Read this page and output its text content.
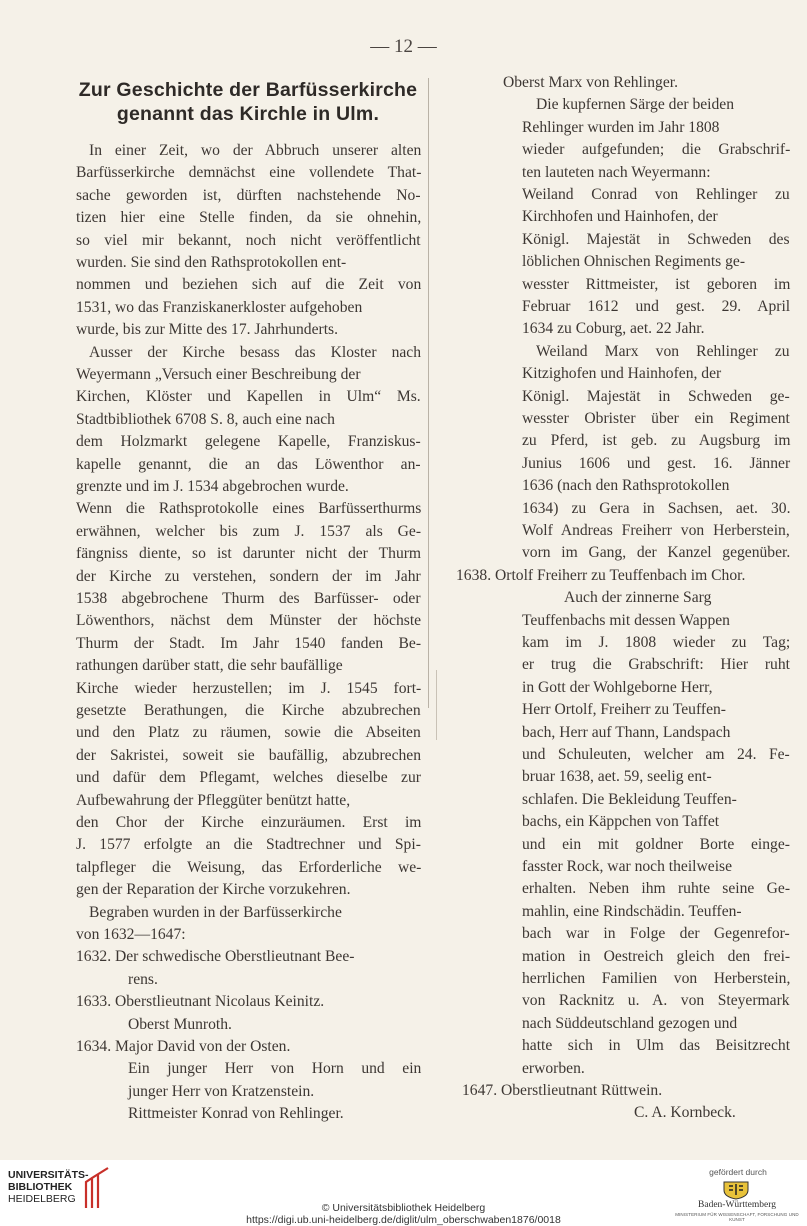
— 12 —
Zur Geschichte der Barfüsserkirche
genannt das Kirchle in Ulm.
In einer Zeit, wo der Abbruch unserer alten
Barfüsserkirche demnächst eine vollendete That-
sache geworden ist, dürften nachstehende No-
tizen hier eine Stelle finden, da sie ohnehin,
so viel mir bekannt, noch nicht veröffentlicht
wurden. Sie sind den Rathsprotokollen ent-
nommen und beziehen sich auf die Zeit von
1531, wo das Franziskanerkloster aufgehoben
wurde, bis zur Mitte des 17. Jahrhunderts.
Ausser der Kirche besass das Kloster nach
Weyermann „Versuch einer Beschreibung der
Kirchen, Klöster und Kapellen in Ulm“ Ms.
Stadtbibliothek 6708 S. 8, auch eine nach
dem Holzmarkt gelegene Kapelle, Franziskus-
kapelle genannt, die an das Löwenthor an-
grenzte und im J. 1534 abgebrochen wurde.
Wenn die Rathsprotokolle eines Barfüsserthurms
erwähnen, welcher bis zum J. 1537 als Ge-
fängniss diente, so ist darunter nicht der Thurm
der Kirche zu verstehen, sondern der im Jahr
1538 abgebrochene Thurm des Barfüsser- oder
Löwenthors, nächst dem Münster der höchste
Thurm der Stadt. Im Jahr 1540 fanden Be-
rathungen darüber statt, die sehr baufällige
Kirche wieder herzustellen; im J. 1545 fort-
gesetzte Berathungen, die Kirche abzubrechen
und den Platz zu räumen, sowie die Abseiten
der Sakristei, soweit sie baufällig, abzubrechen
und dafür dem Pflegamt, welches dieselbe zur
Aufbewahrung der Pfleggüter benützt hatte,
den Chor der Kirche einzuräumen. Erst im
J. 1577 erfolgte an die Stadtrechner und Spi-
talpfleger die Weisung, das Erforderliche we-
gen der Reparation der Kirche vorzukehren.
Begraben wurden in der Barfüsserkirche
von 1632—1647:
1632. Der schwedische Oberstlieutnant Bee-
rens.
1633. Oberstlieutnant Nicolaus Keinitz.
Oberst Munroth.
1634. Major David von der Osten.
Ein junger Herr von Horn und ein
junger Herr von Kratzenstein.
Rittmeister Konrad von Rehlinger.
Oberst Marx von Rehlinger.
Die kupfernen Särge der beiden
Rehlinger wurden im Jahr 1808
wieder aufgefunden; die Grabschrif-
ten lauteten nach Weyermann:
Weiland Conrad von Rehlinger zu
Kirchhofen und Hainhofen, der
Königl. Majestät in Schweden des
löblichen Ohnischen Regiments ge-
wesster Rittmeister, ist geboren im
Februar 1612 und gest. 29. April
1634 zu Coburg, aet. 22 Jahr.
Weiland Marx von Rehlinger zu
Kitzighofen und Hainhofen, der
Königl. Majestät in Schweden ge-
wesster Obrister über ein Regiment
zu Pferd, ist geb. zu Augsburg im
Junius 1606 und gest. 16. Jänner
1636 (nach den Rathsprotokollen
1634) zu Gera in Sachsen, aet. 30.
Wolf Andreas Freiherr von Herberstein,
vorn im Gang, der Kanzel gegenüber.
1638. Ortolf Freiherr zu Teuffenbach im Chor.
Auch der zinnerne Sarg
Teuffenbachs mit dessen Wappen
kam im J. 1808 wieder zu Tag;
er trug die Grabschrift: Hier ruht
in Gott der Wohlgeborne Herr,
Herr Ortolf, Freiherr zu Teuffen-
bach, Herr auf Thann, Landspach
und Schuleuten, welcher am 24. Fe-
bruar 1638, aet. 59, seelig ent-
schlafen. Die Bekleidung Teuffen-
bachs, ein Käppchen von Taffet
und ein mit goldner Borte einge-
fasster Rock, war noch theilweise
erhalten. Neben ihm ruhte seine Ge-
mahlin, eine Rindschädin. Teuffen-
bach war in Folge der Gegenrefor-
mation in Oestreich gleich den frei-
herrlichen Familien von Herberstein,
von Racknitz u. A. von Steyermark
nach Süddeutschland gezogen und
hatte sich in Ulm das Beisitzrecht
erworben.
1647. Oberstlieutnant Rüttwein.
C. A. Kornbeck.
UNIVERSITÄTS-
BIBLIOTHEK
HEIDELBERG
© Universitätsbibliothek Heidelberg
https://digi.ub.uni-heidelberg.de/diglit/ulm_oberschwaben1876/0018
gefördert durch
Baden-Württemberg
MINISTERIUM FÜR WISSENSCHAFT, FORSCHUNG UND KUNST
